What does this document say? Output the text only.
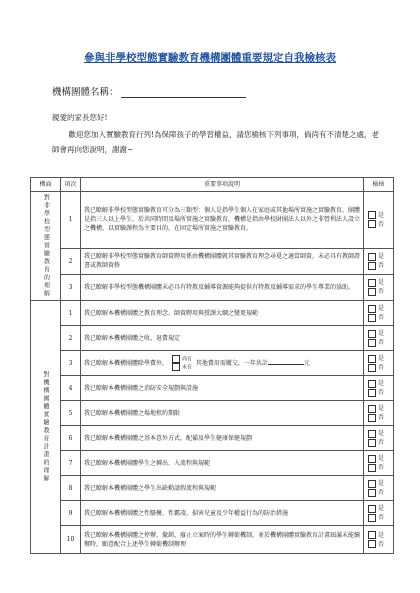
參與非學校型態實驗教育機構團體重要規定自我檢核表
機構團體名稱：
親愛的家長您好!
歡迎您加入實驗教育行列!為保障孩子的學習權益，請您檢核下列事項，倘尚有不清楚之處，老師會再向您說明，謝謝~
構面	項次	重要事項說明	檢核
對非學校型態實驗教育的理解	1	我已瞭解非學校型態實驗教育可分為三類型：個人是指學生個人在家庭或其他場所實施之實驗教育，團體是指三人以上學生，於共同時間及場所實施之實驗教育，機構是指由學校財團法人以外之非營利法人設立之機構，以實驗課程為主要目的，在固定場所實施之實驗教育。	是
否
	2	我已瞭解非學校型態實驗教育師資聘用係由機構團體就其實驗教育理念尋覓之適當師資，未必具有教師證書或教師資格	是
否
	3	我已瞭解非學校型態機構團體未必具有特教及輔導資源能夠提供有特教及輔導需求的學生專業的協助。	是
否
對機構團體實驗教育計畫的理解	1	我已瞭解本機構團體之教育理念、師資聘用與授課大綱之變更規範	是
否
	2	我已瞭解本機構團體之收、退費規定	是
否
	3	我已瞭解本機構團體除學費外， 尚有
未有 其他費用需繳交，一年共計 元	是
否
	4	我已瞭解本機構團體之消防安全規劃與設施	是
否
	5	我已瞭解本機構團體之場地租約期限	是
否
	6	我已瞭解本機構團體之基本意外方式，配備及學生健康保健規劃	是
否
	7	我已瞭解本機構團體學生之轉出、入流程與規範	是
否
	8	我已瞭解本機構團體之學生出缺勤請假流程與規範	是
否
	9	我已瞭解本機構團體之性騷擾、性霸凌、損害兒童及少年權益行為的防治措施	是
否
	10	我已瞭解本機構團體之停辦、撤銷、廢止立案時的學生轉銜機制，並於機構團體實驗教育計畫屆滿未能續辦時，願意配合上述學生轉銜機制辦理	是
否
